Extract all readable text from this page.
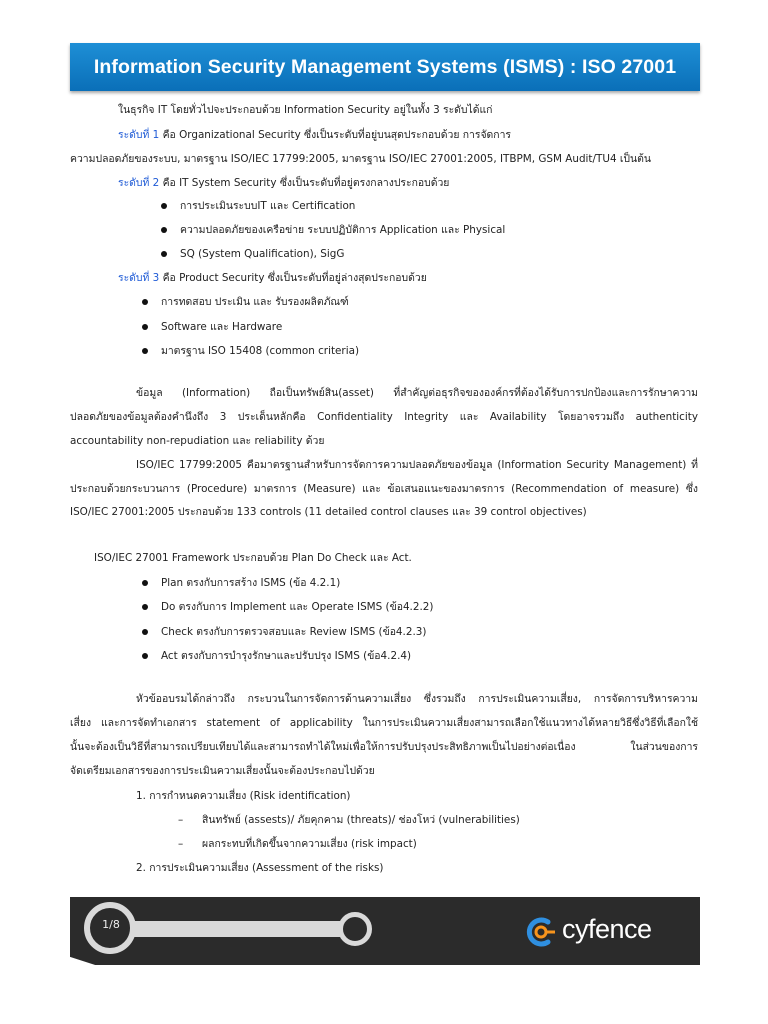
Information Security Management Systems (ISMS) : ISO 27001
ในธุรกิจ IT โดยทั่วไปจะประกอบด้วย Information Security อยู่ในทั้ง 3 ระดับได้แก่
ระดับที่ 1 คือ Organizational Security ซึ่งเป็นระดับที่อยู่บนสุดประกอบด้วย การจัดการ
ความปลอดภัยของระบบ, มาตรฐาน ISO/IEC 17799:2005, มาตรฐาน ISO/IEC 27001:2005, ITBPM, GSM Audit/TU4 เป็นต้น
ระดับที่ 2 คือ IT System Security ซึ่งเป็นระดับที่อยู่ตรงกลางประกอบด้วย
การประเมินระบบIT และ Certification
ความปลอดภัยของเครือข่าย ระบบปฏิบัติการ Application และ Physical
SQ (System Qualification), SigG
ระดับที่ 3 คือ Product Security ซึ่งเป็นระดับที่อยู่ล่างสุดประกอบด้วย
การทดสอบ ประเมิน และ รับรองผลิตภัณฑ์
Software และ Hardware
มาตรฐาน ISO 15408 (common criteria)
ข้อมูล (Information) ถือเป็นทรัพย์สิน(asset) ที่สำคัญต่อธุรกิจขององค์กรที่ต้องได้รับการปกป้องและการรักษาความ
ปลอดภัยของข้อมูลต้องคำนึงถึง 3 ประเด็นหลักคือ Confidentiality Integrity และ Availability โดยอาจรวมถึง authenticity
accountability non-repudiation และ reliability ด้วย
ISO/IEC 17799:2005 คือมาตรฐานสำหรับการจัดการความปลอดภัยของข้อมูล (Information Security Management) ที่
ประกอบด้วยกระบวนการ (Procedure) มาตรการ (Measure) และ ข้อเสนอแนะของมาตรการ (Recommendation of measure) ซึ่ง
ISO/IEC 27001:2005 ประกอบด้วย 133 controls (11 detailed control clauses และ 39 control objectives)
ISO/IEC 27001 Framework ประกอบด้วย Plan Do Check และ Act.
Plan ตรงกับการสร้าง ISMS (ข้อ 4.2.1)
Do ตรงกับการ Implement และ Operate ISMS (ข้อ4.2.2)
Check ตรงกับการตรวจสอบและ Review ISMS (ข้อ4.2.3)
Act ตรงกับการบำรุงรักษาและปรับปรุง ISMS (ข้อ4.2.4)
หัวข้ออบรมได้กล่าวถึง กระบวนในการจัดการด้านความเสี่ยง ซึ่งรวมถึง การประเมินความเสี่ยง, การจัดการบริหารความ
เสี่ยง และการจัดทำเอกสาร statement of applicability ในการประเมินความเสี่ยงสามารถเลือกใช้แนวทางได้หลายวิธีซึ่งวิธีที่เลือกใช้
นั้นจะต้องเป็นวิธีที่สามารถเปรียบเทียบได้และสามารถทำได้ใหม่เพื่อให้การปรับปรุงประสิทธิภาพเป็นไปอย่างต่อเนื่อง ในส่วนของการ
จัดเตรียมเอกสารของการประเมินความเสี่ยงนั้นจะต้องประกอบไปด้วย
1. การกำหนดความเสี่ยง (Risk identification)
– สินทรัพย์ (assests)/ ภัยคุกคาม (threats)/ ช่องโหว่ (vulnerabilities)
– ผลกระทบที่เกิดขึ้นจากความเสี่ยง (risk impact)
2. การประเมินความเสี่ยง (Assessment of the risks)
1/8	cyfence
